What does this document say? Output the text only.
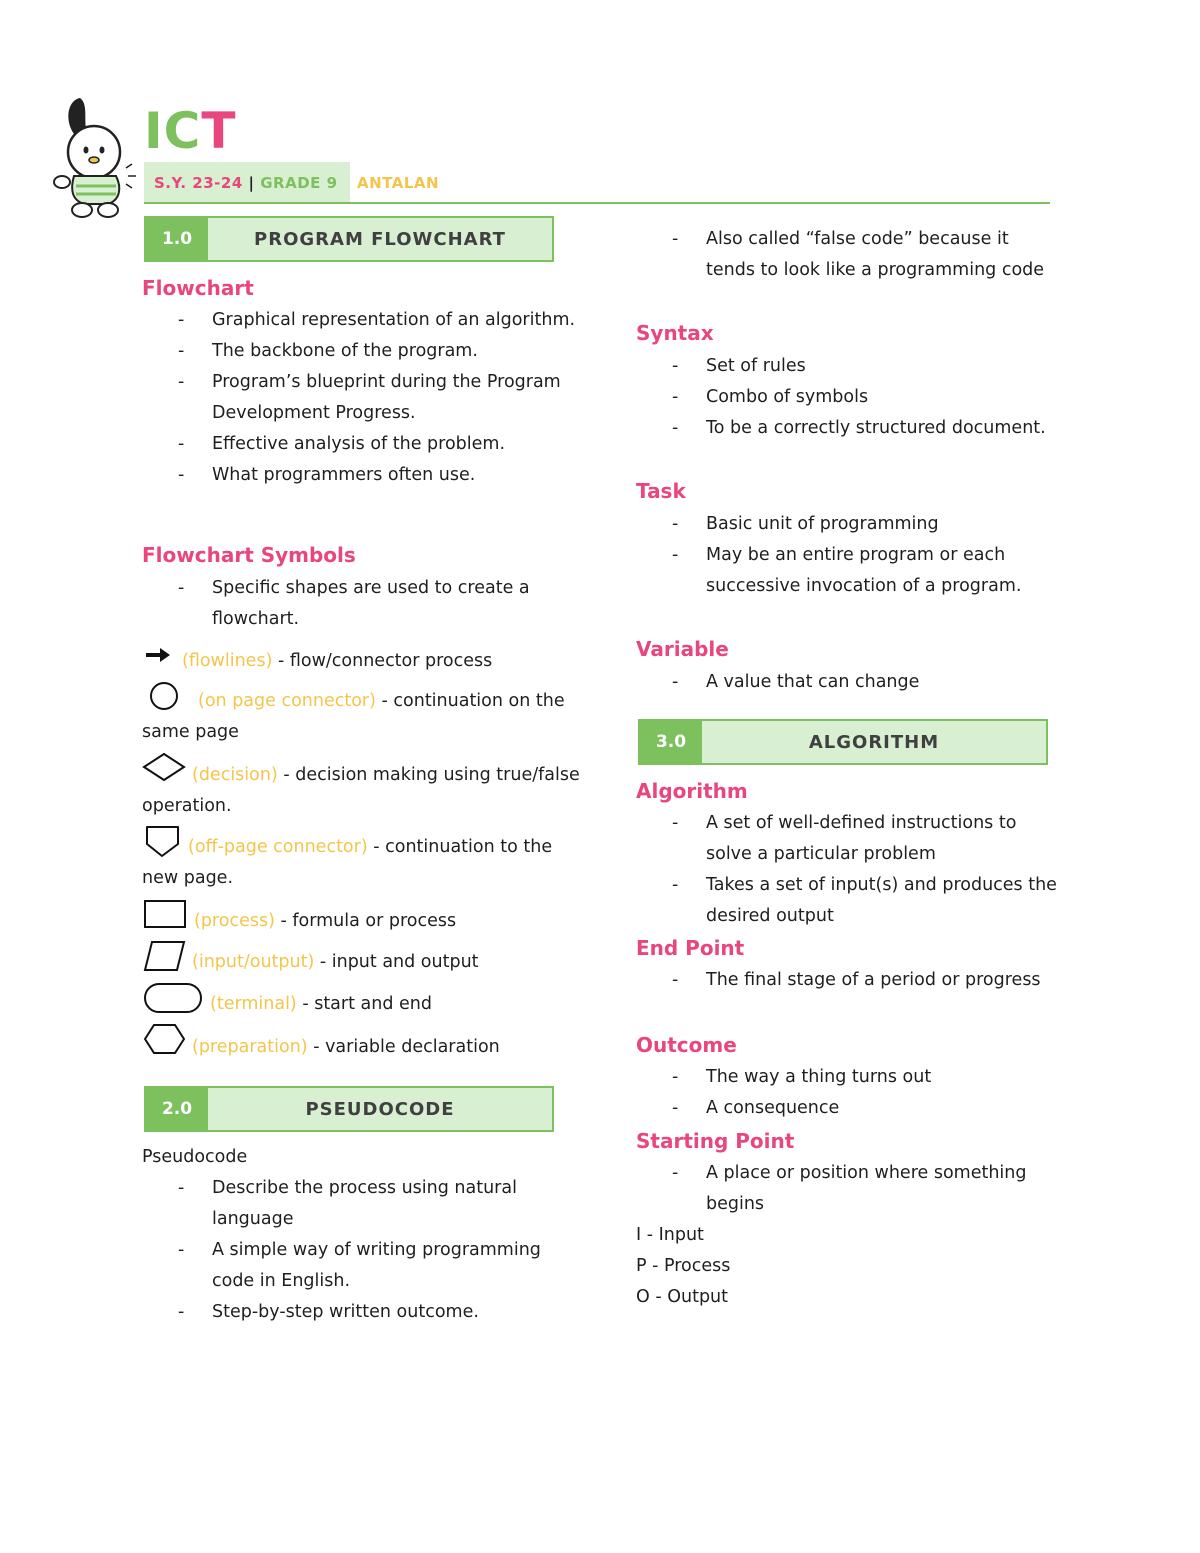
ICT
S.Y. 23-24 | GRADE 9	ANTALAN
1.0	PROGRAM FLOWCHART
Flowchart
- Graphical representation of an algorithm.
- The backbone of the program.
- Program’s blueprint during the Program Development Progress.
- Effective analysis of the problem.
- What programmers often use.
Flowchart Symbols
- Specific shapes are used to create a flowchart.
(flowlines) - flow/connector process
(on page connector) - continuation on the same page
(decision) - decision making using true/false operation.
(off-page connector) - continuation to the new page.
(process) - formula or process
(input/output) - input and output
(terminal) - start and end
(preparation) - variable declaration
2.0	PSEUDOCODE

Pseudocode

- Describe the process using natural language
- A simple way of writing programming code in English.
- Step-by-step written outcome.
- Also called “false code” because it tends to look like a programming code
Syntax
- Set of rules
- Combo of symbols
- To be a correctly structured document.
Task
- Basic unit of programming
- May be an entire program or each successive invocation of a program.
Variable
- A value that can change
3.0	ALGORITHM
Algorithm
- A set of well-defined instructions to solve a particular problem
- Takes a set of input(s) and produces the desired output
End Point
- The final stage of a period or progress
Outcome
- The way a thing turns out
- A consequence
Starting Point
- A place or position where something begins

I - Input

P - Process

O - Output
